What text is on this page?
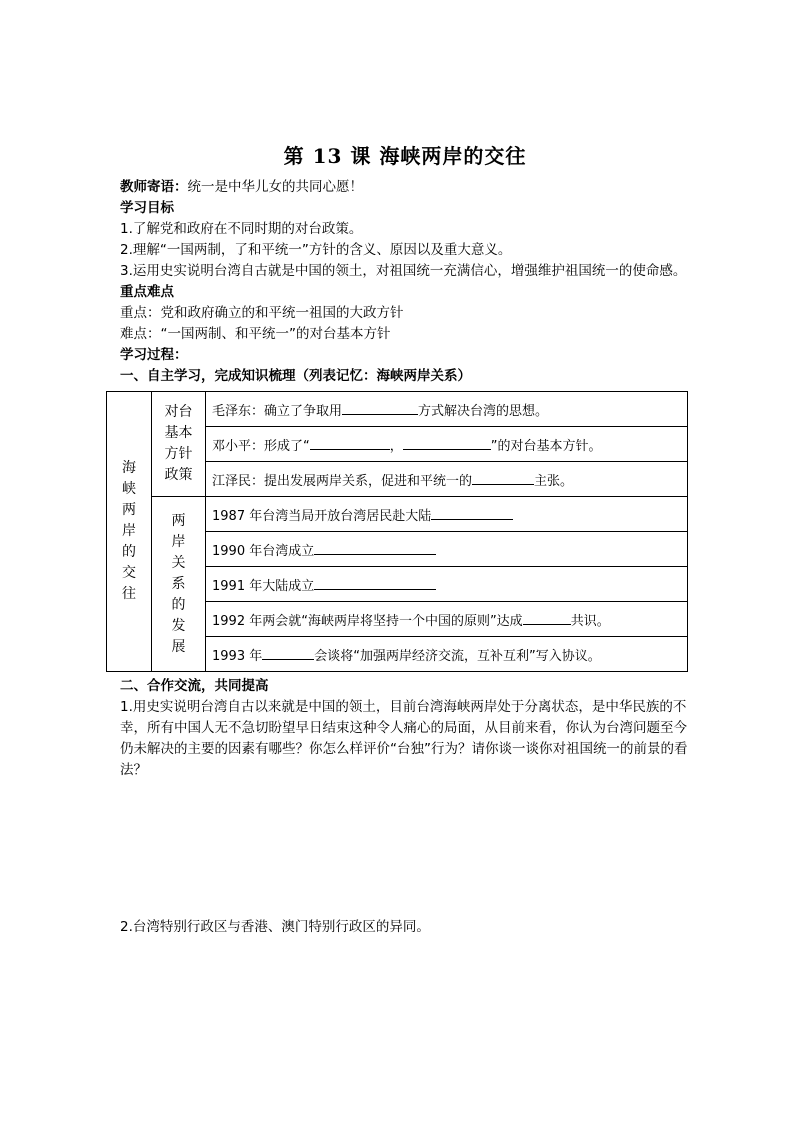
第 13 课 海峡两岸的交往
教师寄语：统一是中华儿女的共同心愿！
学习目标
1.了解党和政府在不同时期的对台政策。
2.理解“一国两制，了和平统一”方针的含义、原因以及重大意义。
3.运用史实说明台湾自古就是中国的领土，对祖国统一充满信心，增强维护祖国统一的使命感。
重点难点
重点：党和政府确立的和平统一祖国的大政方针
难点：“一国两制、和平统一”的对台基本方针
学习过程：
一、自主学习，完成知识梳理（列表记忆：海峡两岸关系）
海峡两岸的交往	对台基本方针政策	毛泽东：确立了争取用 方式解决台湾的思想。
		邓小平：形成了“ ， ”的对台基本方针。
		江泽民：提出发展两岸关系，促进和平统一的 主张。
	两岸关系的发展	1987 年台湾当局开放台湾居民赴大陆
		1990 年台湾成立
		1991 年大陆成立
		1992 年两会就“海峡两岸将坚持一个中国的原则”达成 共识。
		1993 年 会谈将“加强两岸经济交流，互补互利”写入协议。
二、合作交流，共同提高
1.用史实说明台湾自古以来就是中国的领土，目前台湾海峡两岸处于分离状态，是中华民族的不幸，所有中国人无不急切盼望早日结束这种令人痛心的局面，从目前来看，你认为台湾问题至今仍未解决的主要的因素有哪些？你怎么样评价“台独”行为？请你谈一谈你对祖国统一的前景的看法？
2.台湾特别行政区与香港、澳门特别行政区的异同。
